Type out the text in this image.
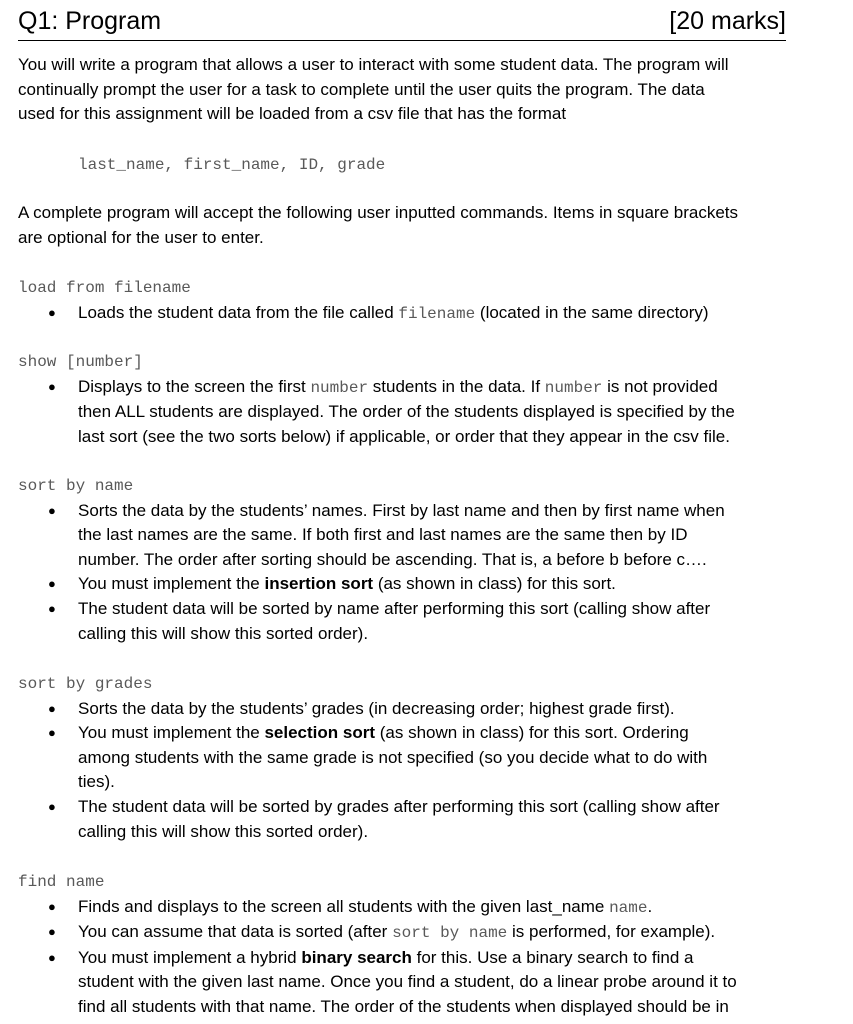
Q1: Program	[20 marks]

You will write a program that allows a user to interact with some student data. The program will

continually prompt the user for a task to complete until the user quits the program. The data

used for this assignment will be loaded from a csv file that has the format

last_name, first_name, ID, grade

A complete program will accept the following user inputted commands. Items in square brackets

are optional for the user to enter.

load from filename
● Loads the student data from the file called filename (located in the same directory)
show [number]
● Displays to the screen the first number students in the data. If number is not provided
then ALL students are displayed. The order of the students displayed is specified by the
last sort (see the two sorts below) if applicable, or order that they appear in the csv file.
sort by name
● Sorts the data by the students’ names. First by last name and then by first name when
the last names are the same. If both first and last names are the same then by ID
number. The order after sorting should be ascending. That is, a before b before c….
● You must implement the insertion sort (as shown in class) for this sort.
● The student data will be sorted by name after performing this sort (calling show after
calling this will show this sorted order).
sort by grades
● Sorts the data by the students’ grades (in decreasing order; highest grade first).
● You must implement the selection sort (as shown in class) for this sort. Ordering
among students with the same grade is not specified (so you decide what to do with
ties).
● The student data will be sorted by grades after performing this sort (calling show after
calling this will show this sorted order).
find name
● Finds and displays to the screen all students with the given last_name name.
● You can assume that data is sorted (after sort by name is performed, for example).
● You must implement a hybrid binary search for this. Use a binary search to find a
student with the given last name. Once you find a student, do a linear probe around it to
find all students with that name. The order of the students when displayed should be in
